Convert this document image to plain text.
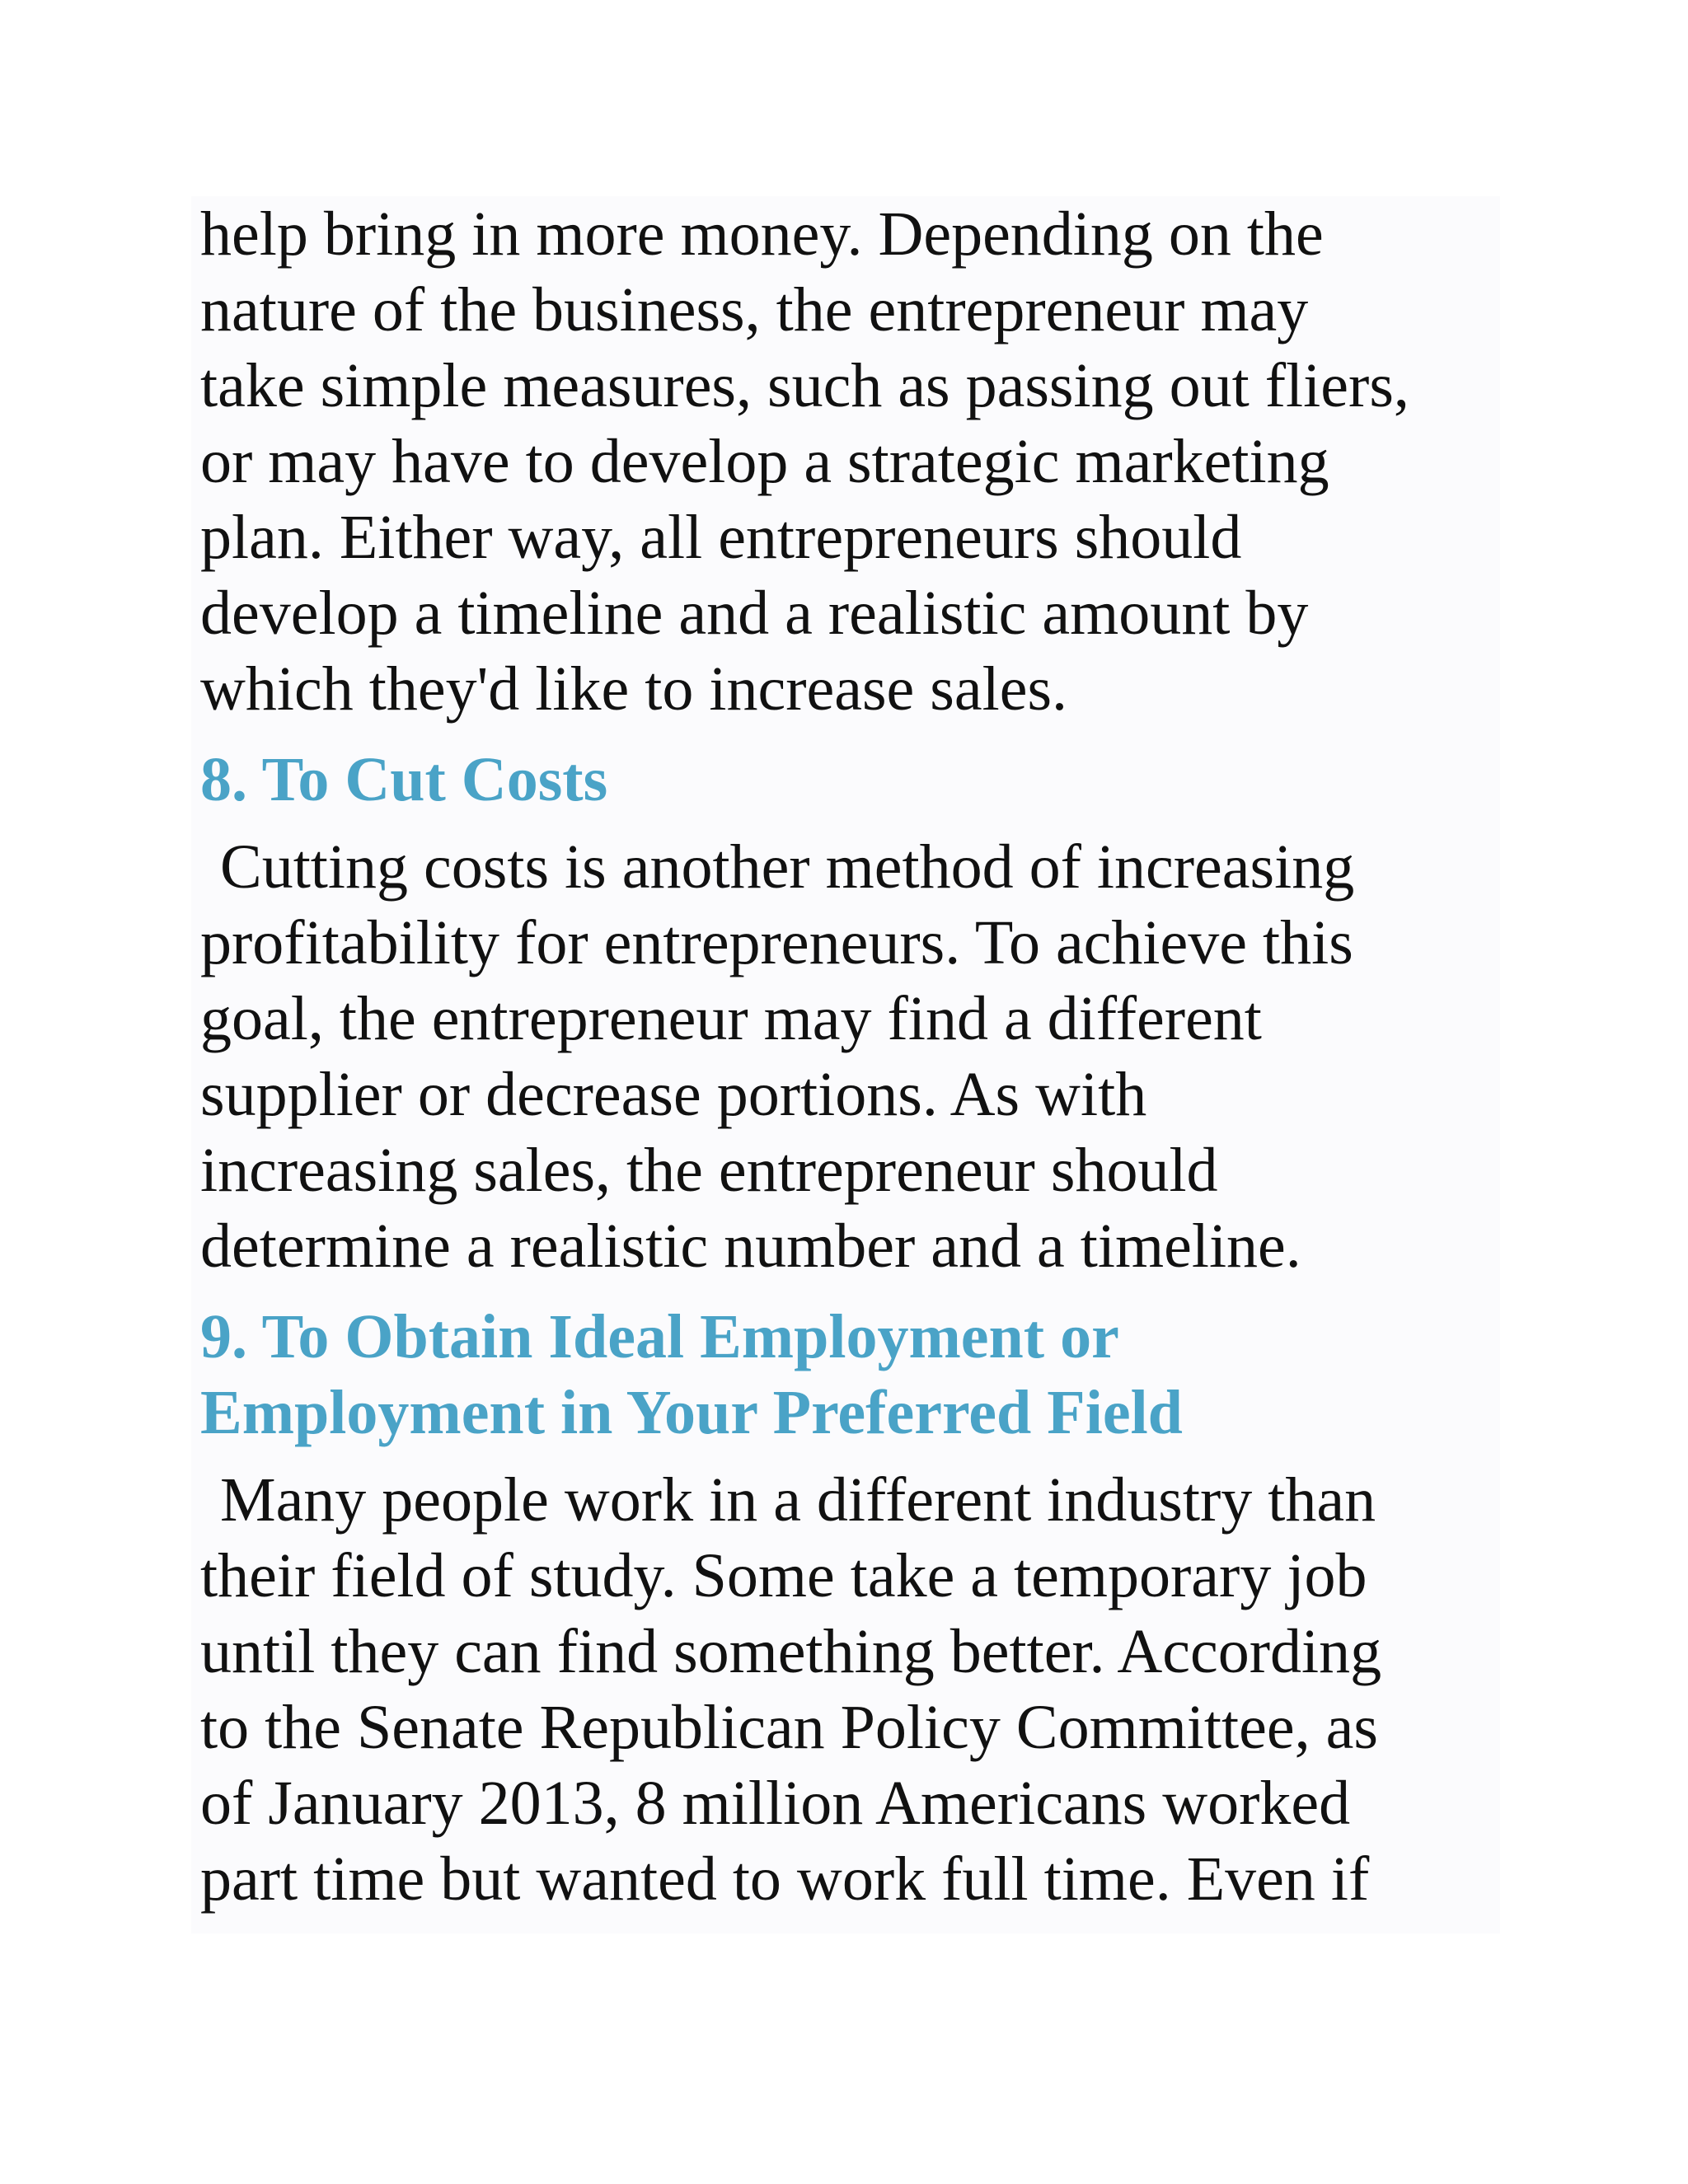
help bring in more money. Depending on the
nature of the business, the entrepreneur may
take simple measures, such as passing out fliers,
or may have to develop a strategic marketing
plan. Either way, all entrepreneurs should
develop a timeline and a realistic amount by
which they'd like to increase sales.
8. To Cut Costs
Cutting costs is another method of increasing
profitability for entrepreneurs. To achieve this
goal, the entrepreneur may find a different
supplier or decrease portions. As with
increasing sales, the entrepreneur should
determine a realistic number and a timeline.
9. To Obtain Ideal Employment or
Employment in Your Preferred Field
Many people work in a different industry than
their field of study. Some take a temporary job
until they can find something better. According
to the Senate Republican Policy Committee, as
of January 2013, 8 million Americans worked
part time but wanted to work full time. Even if
